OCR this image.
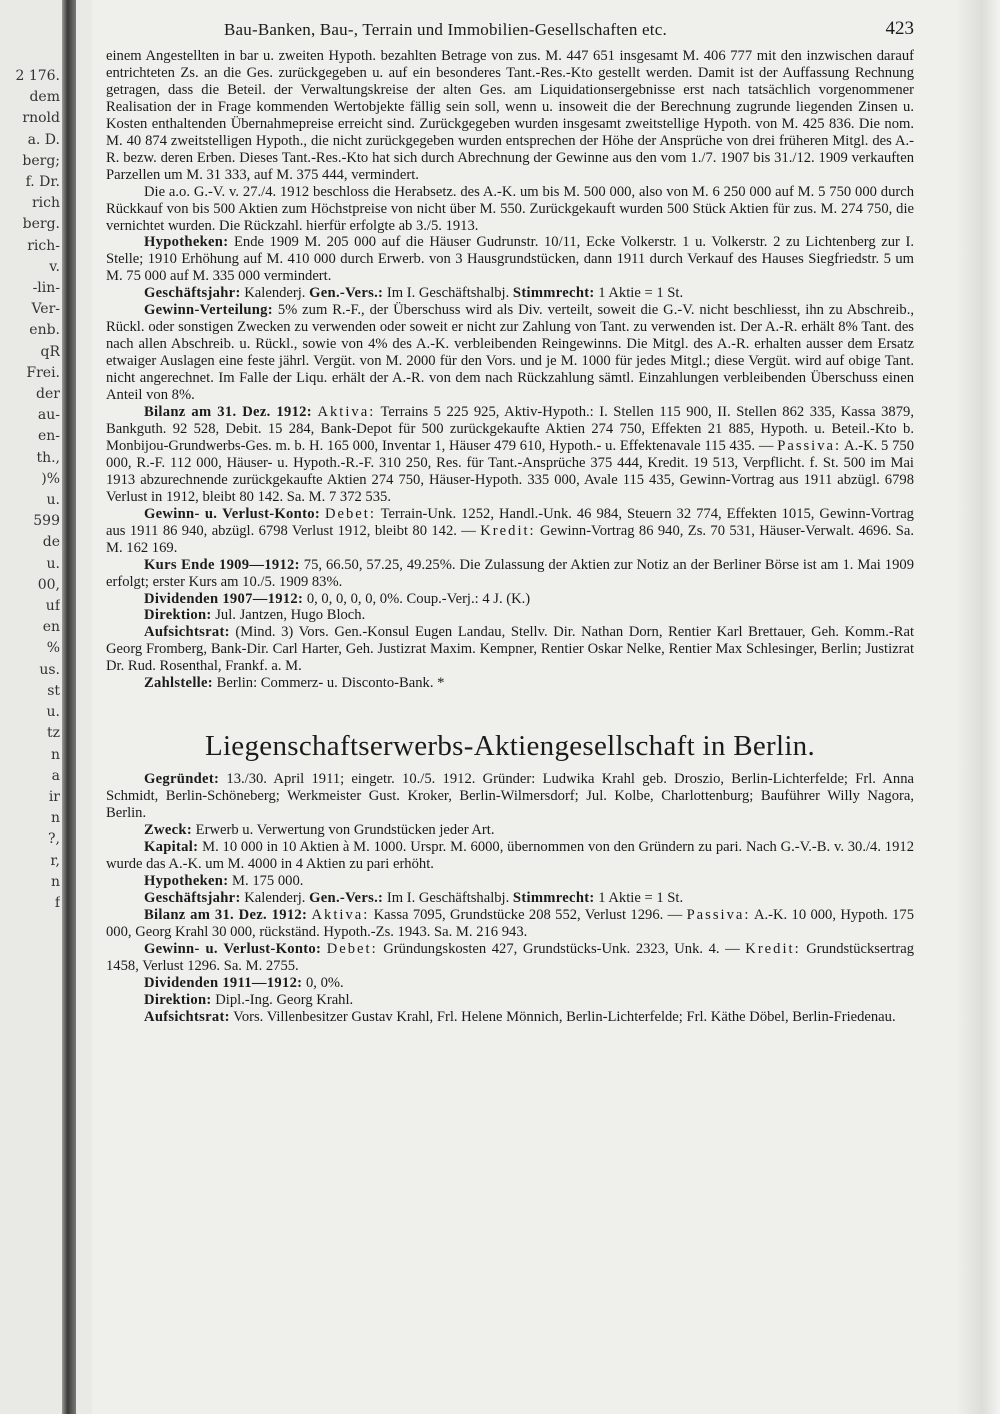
2 176.
dem
rnold
a. D.
berg;
f. Dr.
rich
berg.
rich-
v.
-lin-
Ver-
enb.
qR
Frei.
der
au-
en-
th.,
)%
u.
599
de
u.
00,
uf
en
%
us.
st
u.
tz
n
a
ir
n
?,
r,
n
f
Bau-Banken, Bau-, Terrain und Immobilien-Gesellschaften etc.	423

einem Angestellten in bar u. zweiten Hypoth. bezahlten Betrage von zus. M. 447 651 insgesamt M. 406 777 mit den inzwischen darauf entrichteten Zs. an die Ges. zurückgegeben u. auf ein besonderes Tant.-Res.-Kto gestellt werden. Damit ist der Auffassung Rechnung getragen, dass die Beteil. der Verwaltungskreise der alten Ges. am Liquidationsergebnisse erst nach tatsächlich vorgenommener Realisation der in Frage kommenden Wertobjekte fällig sein soll, wenn u. insoweit die der Berechnung zugrunde liegenden Zinsen u. Kosten enthaltenden Übernahmepreise erreicht sind. Zurückgegeben wurden insgesamt zweitstellige Hypoth. von M. 425 836. Die nom. M. 40 874 zweitstelligen Hypoth., die nicht zurückgegeben wurden entsprechen der Höhe der Ansprüche von drei früheren Mitgl. des A.-R. bezw. deren Erben. Dieses Tant.-Res.-Kto hat sich durch Abrechnung der Gewinne aus den vom 1./7. 1907 bis 31./12. 1909 verkauften Parzellen um M. 31 333, auf M. 375 444, vermindert.

Die a.o. G.-V. v. 27./4. 1912 beschloss die Herabsetz. des A.-K. um bis M. 500 000, also von M. 6 250 000 auf M. 5 750 000 durch Rückkauf von bis 500 Aktien zum Höchstpreise von nicht über M. 550. Zurückgekauft wurden 500 Stück Aktien für zus. M. 274 750, die vernichtet wurden. Die Rückzahl. hierfür erfolgte ab 3./5. 1913.

Hypotheken: Ende 1909 M. 205 000 auf die Häuser Gudrunstr. 10/11, Ecke Volkerstr. 1 u. Volkerstr. 2 zu Lichtenberg zur I. Stelle; 1910 Erhöhung auf M. 410 000 durch Erwerb. von 3 Hausgrundstücken, dann 1911 durch Verkauf des Hauses Siegfriedstr. 5 um M. 75 000 auf M. 335 000 vermindert.

Geschäftsjahr: Kalenderj. Gen.-Vers.: Im I. Geschäftshalbj. Stimmrecht: 1 Aktie = 1 St.

Gewinn-Verteilung: 5% zum R.-F., der Überschuss wird als Div. verteilt, soweit die G.-V. nicht beschliesst, ihn zu Abschreib., Rückl. oder sonstigen Zwecken zu verwenden oder soweit er nicht zur Zahlung von Tant. zu verwenden ist. Der A.-R. erhält 8% Tant. des nach allen Abschreib. u. Rückl., sowie von 4% des A.-K. verbleibenden Reingewinns. Die Mitgl. des A.-R. erhalten ausser dem Ersatz etwaiger Auslagen eine feste jährl. Vergüt. von M. 2000 für den Vors. und je M. 1000 für jedes Mitgl.; diese Vergüt. wird auf obige Tant. nicht angerechnet. Im Falle der Liqu. erhält der A.-R. von dem nach Rückzahlung sämtl. Einzahlungen verbleibenden Überschuss einen Anteil von 8%.

Bilanz am 31. Dez. 1912: Aktiva: Terrains 5 225 925, Aktiv-Hypoth.: I. Stellen 115 900, II. Stellen 862 335, Kassa 3879, Bankguth. 92 528, Debit. 15 284, Bank-Depot für 500 zurückgekaufte Aktien 274 750, Effekten 21 885, Hypoth. u. Beteil.-Kto b. Monbijou-Grundwerbs-Ges. m. b. H. 165 000, Inventar 1, Häuser 479 610, Hypoth.- u. Effektenavale 115 435. — Passiva: A.-K. 5 750 000, R.-F. 112 000, Häuser- u. Hypoth.-R.-F. 310 250, Res. für Tant.-Ansprüche 375 444, Kredit. 19 513, Verpflicht. f. St. 500 im Mai 1913 abzurechnende zurückgekaufte Aktien 274 750, Häuser-Hypoth. 335 000, Avale 115 435, Gewinn-Vortrag aus 1911 abzügl. 6798 Verlust in 1912, bleibt 80 142. Sa. M. 7 372 535.

Gewinn- u. Verlust-Konto: Debet: Terrain-Unk. 1252, Handl.-Unk. 46 984, Steuern 32 774, Effekten 1015, Gewinn-Vortrag aus 1911 86 940, abzügl. 6798 Verlust 1912, bleibt 80 142. — Kredit: Gewinn-Vortrag 86 940, Zs. 70 531, Häuser-Verwalt. 4696. Sa. M. 162 169.

Kurs Ende 1909—1912: 75, 66.50, 57.25, 49.25%. Die Zulassung der Aktien zur Notiz an der Berliner Börse ist am 1. Mai 1909 erfolgt; erster Kurs am 10./5. 1909 83%.

Dividenden 1907—1912: 0, 0, 0, 0, 0, 0%. Coup.-Verj.: 4 J. (K.)

Direktion: Jul. Jantzen, Hugo Bloch.

Aufsichtsrat: (Mind. 3) Vors. Gen.-Konsul Eugen Landau, Stellv. Dir. Nathan Dorn, Rentier Karl Brettauer, Geh. Komm.-Rat Georg Fromberg, Bank-Dir. Carl Harter, Geh. Justizrat Maxim. Kempner, Rentier Oskar Nelke, Rentier Max Schlesinger, Berlin; Justizrat Dr. Rud. Rosenthal, Frankf. a. M.

Zahlstelle: Berlin: Commerz- u. Disconto-Bank. *

Liegenschaftserwerbs-Aktiengesellschaft in Berlin.

Gegründet: 13./30. April 1911; eingetr. 10./5. 1912. Gründer: Ludwika Krahl geb. Droszio, Berlin-Lichterfelde; Frl. Anna Schmidt, Berlin-Schöneberg; Werkmeister Gust. Kroker, Berlin-Wilmersdorf; Jul. Kolbe, Charlottenburg; Bauführer Willy Nagora, Berlin.

Zweck: Erwerb u. Verwertung von Grundstücken jeder Art.

Kapital: M. 10 000 in 10 Aktien à M. 1000. Urspr. M. 6000, übernommen von den Gründern zu pari. Nach G.-V.-B. v. 30./4. 1912 wurde das A.-K. um M. 4000 in 4 Aktien zu pari erhöht.

Hypotheken: M. 175 000.

Geschäftsjahr: Kalenderj. Gen.-Vers.: Im I. Geschäftshalbj. Stimmrecht: 1 Aktie = 1 St.

Bilanz am 31. Dez. 1912: Aktiva: Kassa 7095, Grundstücke 208 552, Verlust 1296. — Passiva: A.-K. 10 000, Hypoth. 175 000, Georg Krahl 30 000, rückständ. Hypoth.-Zs. 1943. Sa. M. 216 943.

Gewinn- u. Verlust-Konto: Debet: Gründungskosten 427, Grundstücks-Unk. 2323, Unk. 4. — Kredit: Grundstücksertrag 1458, Verlust 1296. Sa. M. 2755.

Dividenden 1911—1912: 0, 0%.

Direktion: Dipl.-Ing. Georg Krahl.

Aufsichtsrat: Vors. Villenbesitzer Gustav Krahl, Frl. Helene Mönnich, Berlin-Lichterfelde; Frl. Käthe Döbel, Berlin-Friedenau.
